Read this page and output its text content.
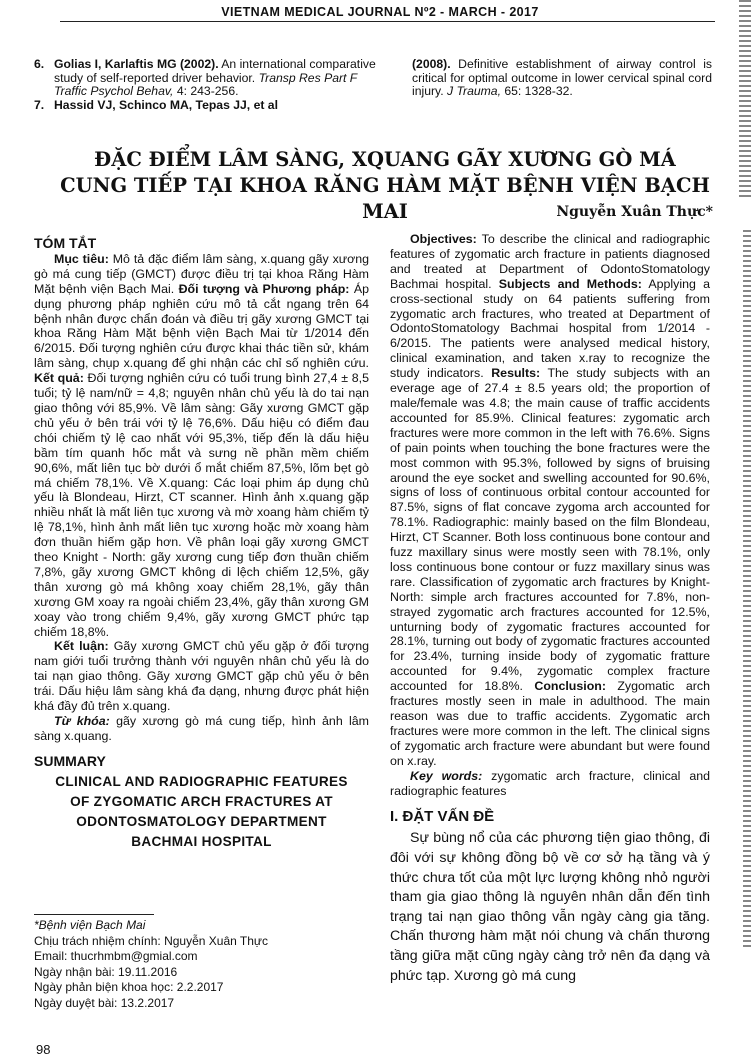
VIETNAM MEDICAL JOURNAL Nº2 - MARCH - 2017
6. Golias I, Karlaftis MG (2002). An international comparative study of self-reported driver behavior. Transp Res Part F Traffic Psychol Behav, 4: 243-256.
7. Hassid VJ, Schinco MA, Tepas JJ, et al
(2008). Definitive establishment of airway control is critical for optimal outcome in lower cervical spinal cord injury. J Trauma, 65: 1328-32.
ĐẶC ĐIỂM LÂM SÀNG, XQUANG GÃY XƯƠNG GÒ MÁ CUNG TIẾP TẠI KHOA RĂNG HÀM MẶT BỆNH VIỆN BẠCH MAI	Nguyễn Xuân Thực*
TÓM TẮT

Mục tiêu: Mô tả đặc điểm lâm sàng, x.quang gãy xương gò má cung tiếp (GMCT) được điều trị tại khoa Răng Hàm Mặt bệnh viện Bạch Mai. Đối tượng và Phương pháp: Áp dụng phương pháp nghiên cứu mô tả cắt ngang trên 64 bệnh nhân được chẩn đoán và điều trị gãy xương GMCT tại khoa Răng Hàm Mặt bệnh viện Bạch Mai từ 1/2014 đến 6/2015. Đối tượng nghiên cứu được khai thác tiền sử, khám lâm sàng, chụp x.quang để ghi nhận các chỉ số nghiên cứu. Kết quả: Đối tượng nghiên cứu có tuổi trung bình 27,4 ± 8,5 tuổi; tỷ lệ nam/nữ = 4,8; nguyên nhân chủ yếu là do tai nạn giao thông với 85,9%. Về lâm sàng: Gãy xương GMCT gặp chủ yếu ở bên trái với tỷ lệ 76,6%. Dấu hiệu có điểm đau chói chiếm tỷ lệ cao nhất với 95,3%, tiếp đến là dấu hiệu bầm tím quanh hốc mắt và sưng nề phần mềm chiếm 90,6%, mất liên tục bờ dưới ổ mắt chiếm 87,5%, lõm bẹt gò má chiếm 78,1%. Về X.quang: Các loại phim áp dụng chủ yếu là Blondeau, Hirzt, CT scanner. Hình ảnh x.quang gặp nhiều nhất là mất liên tục xương và mờ xoang hàm chiếm tỷ lệ 78,1%, hình ảnh mất liên tục xương hoặc mờ xoang hàm đơn thuần hiếm gặp hơn. Về phân loại gãy xương GMCT theo Knight - North: gãy xương cung tiếp đơn thuần chiếm 7,8%, gãy xương GMCT không di lệch chiếm 12,5%, gãy thân xương gò má không xoay chiếm 28,1%, gãy thân xương GM xoay ra ngoài chiếm 23,4%, gãy thân xương GM xoay vào trong chiếm 9,4%, gãy xương GMCT phức tạp chiếm 18,8%.

Kết luận: Gãy xương GMCT chủ yếu gặp ở đối tượng nam giới tuổi trưởng thành với nguyên nhân chủ yếu là do tai nạn giao thông. Gãy xương GMCT gặp chủ yếu ở bên trái. Dấu hiệu lâm sàng khá đa dạng, nhưng được phát hiện khá đầy đủ trên x.quang.

Từ khóa: gãy xương gò má cung tiếp, hình ảnh lâm sàng x.quang.

SUMMARY
CLINICAL AND RADIOGRAPHIC FEATURES
OF ZYGOMATIC ARCH FRACTURES AT
ODONTOSMATOLOGY DEPARTMENT
BACHMAI HOSPITAL
*Bệnh viện Bạch Mai
Chịu trách nhiệm chính: Nguyễn Xuân Thực
Email: thucrhmbm@gmial.com
Ngày nhận bài: 19.11.2016
Ngày phản biện khoa học: 2.2.2017
Ngày duyệt bài: 13.2.2017

Objectives: To describe the clinical and radiographic features of zygomatic arch fracture in patients diagnosed and treated at Department of OdontoStomatology Bachmai hospital. Subjects and Methods: Applying a cross-sectional study on 64 patients suffering from zygomatic arch fractures, who treated at Department of OdontoStomatology Bachmai hospital from 1/2014 - 6/2015. The patients were analysed medical history, clinical examination, and taken x.ray to recognize the study indicators. Results: The study subjects with an everage age of 27.4 ± 8.5 years old; the proportion of male/female was 4.8; the main cause of traffic accidents accounted for 85.9%. Clinical features: zygomatic arch fractures were more common in the left with 76.6%. Signs of pain points when touching the bone fractures were the most common with 95.3%, followed by signs of bruising around the eye socket and swelling accounted for 90.6%, signs of loss of continuous orbital contour accounted for 87.5%, signs of flat concave zygoma arch accounted for 78.1%. Radiographic: mainly based on the film Blondeau, Hirzt, CT Scanner. Both loss continuous bone contour and fuzz maxillary sinus were mostly seen with 78.1%, only loss continuous bone contour or fuzz maxillary sinus was rare. Classification of zygomatic arch fractures by Knight-North: simple arch fractures accounted for 7.8%, non-strayed zygomatic arch fractures accounted for 12.5%, unturning body of zygomatic fractures accounted for 28.1%, turning out body of zygomatic fractures accounted for 23.4%, turning inside body of zygomatic fratture accounted for 9.4%, zygomatic complex fracture accounted for 18.8%. Conclusion: Zygomatic arch fractures mostly seen in male in adulthood. The main reason was due to traffic accidents. Zygomatic arch fractures were more common in the left. The clinical signs of zygomatic arch fracture were abundant but were found on x.ray.

Key words: zygomatic arch fracture, clinical and radiographic features

I. ĐẶT VẤN ĐỀ

Sự bùng nổ của các phương tiện giao thông, đi đôi với sự không đồng bộ về cơ sở hạ tầng và ý thức chưa tốt của một lực lượng không nhỏ người tham gia giao thông là nguyên nhân dẫn đến tình trạng tai nạn giao thông vẫn ngày càng gia tăng. Chấn thương hàm mặt nói chung và chấn thương tầng giữa mặt cũng ngày càng trở nên đa dạng và phức tạp. Xương gò má cung

98
